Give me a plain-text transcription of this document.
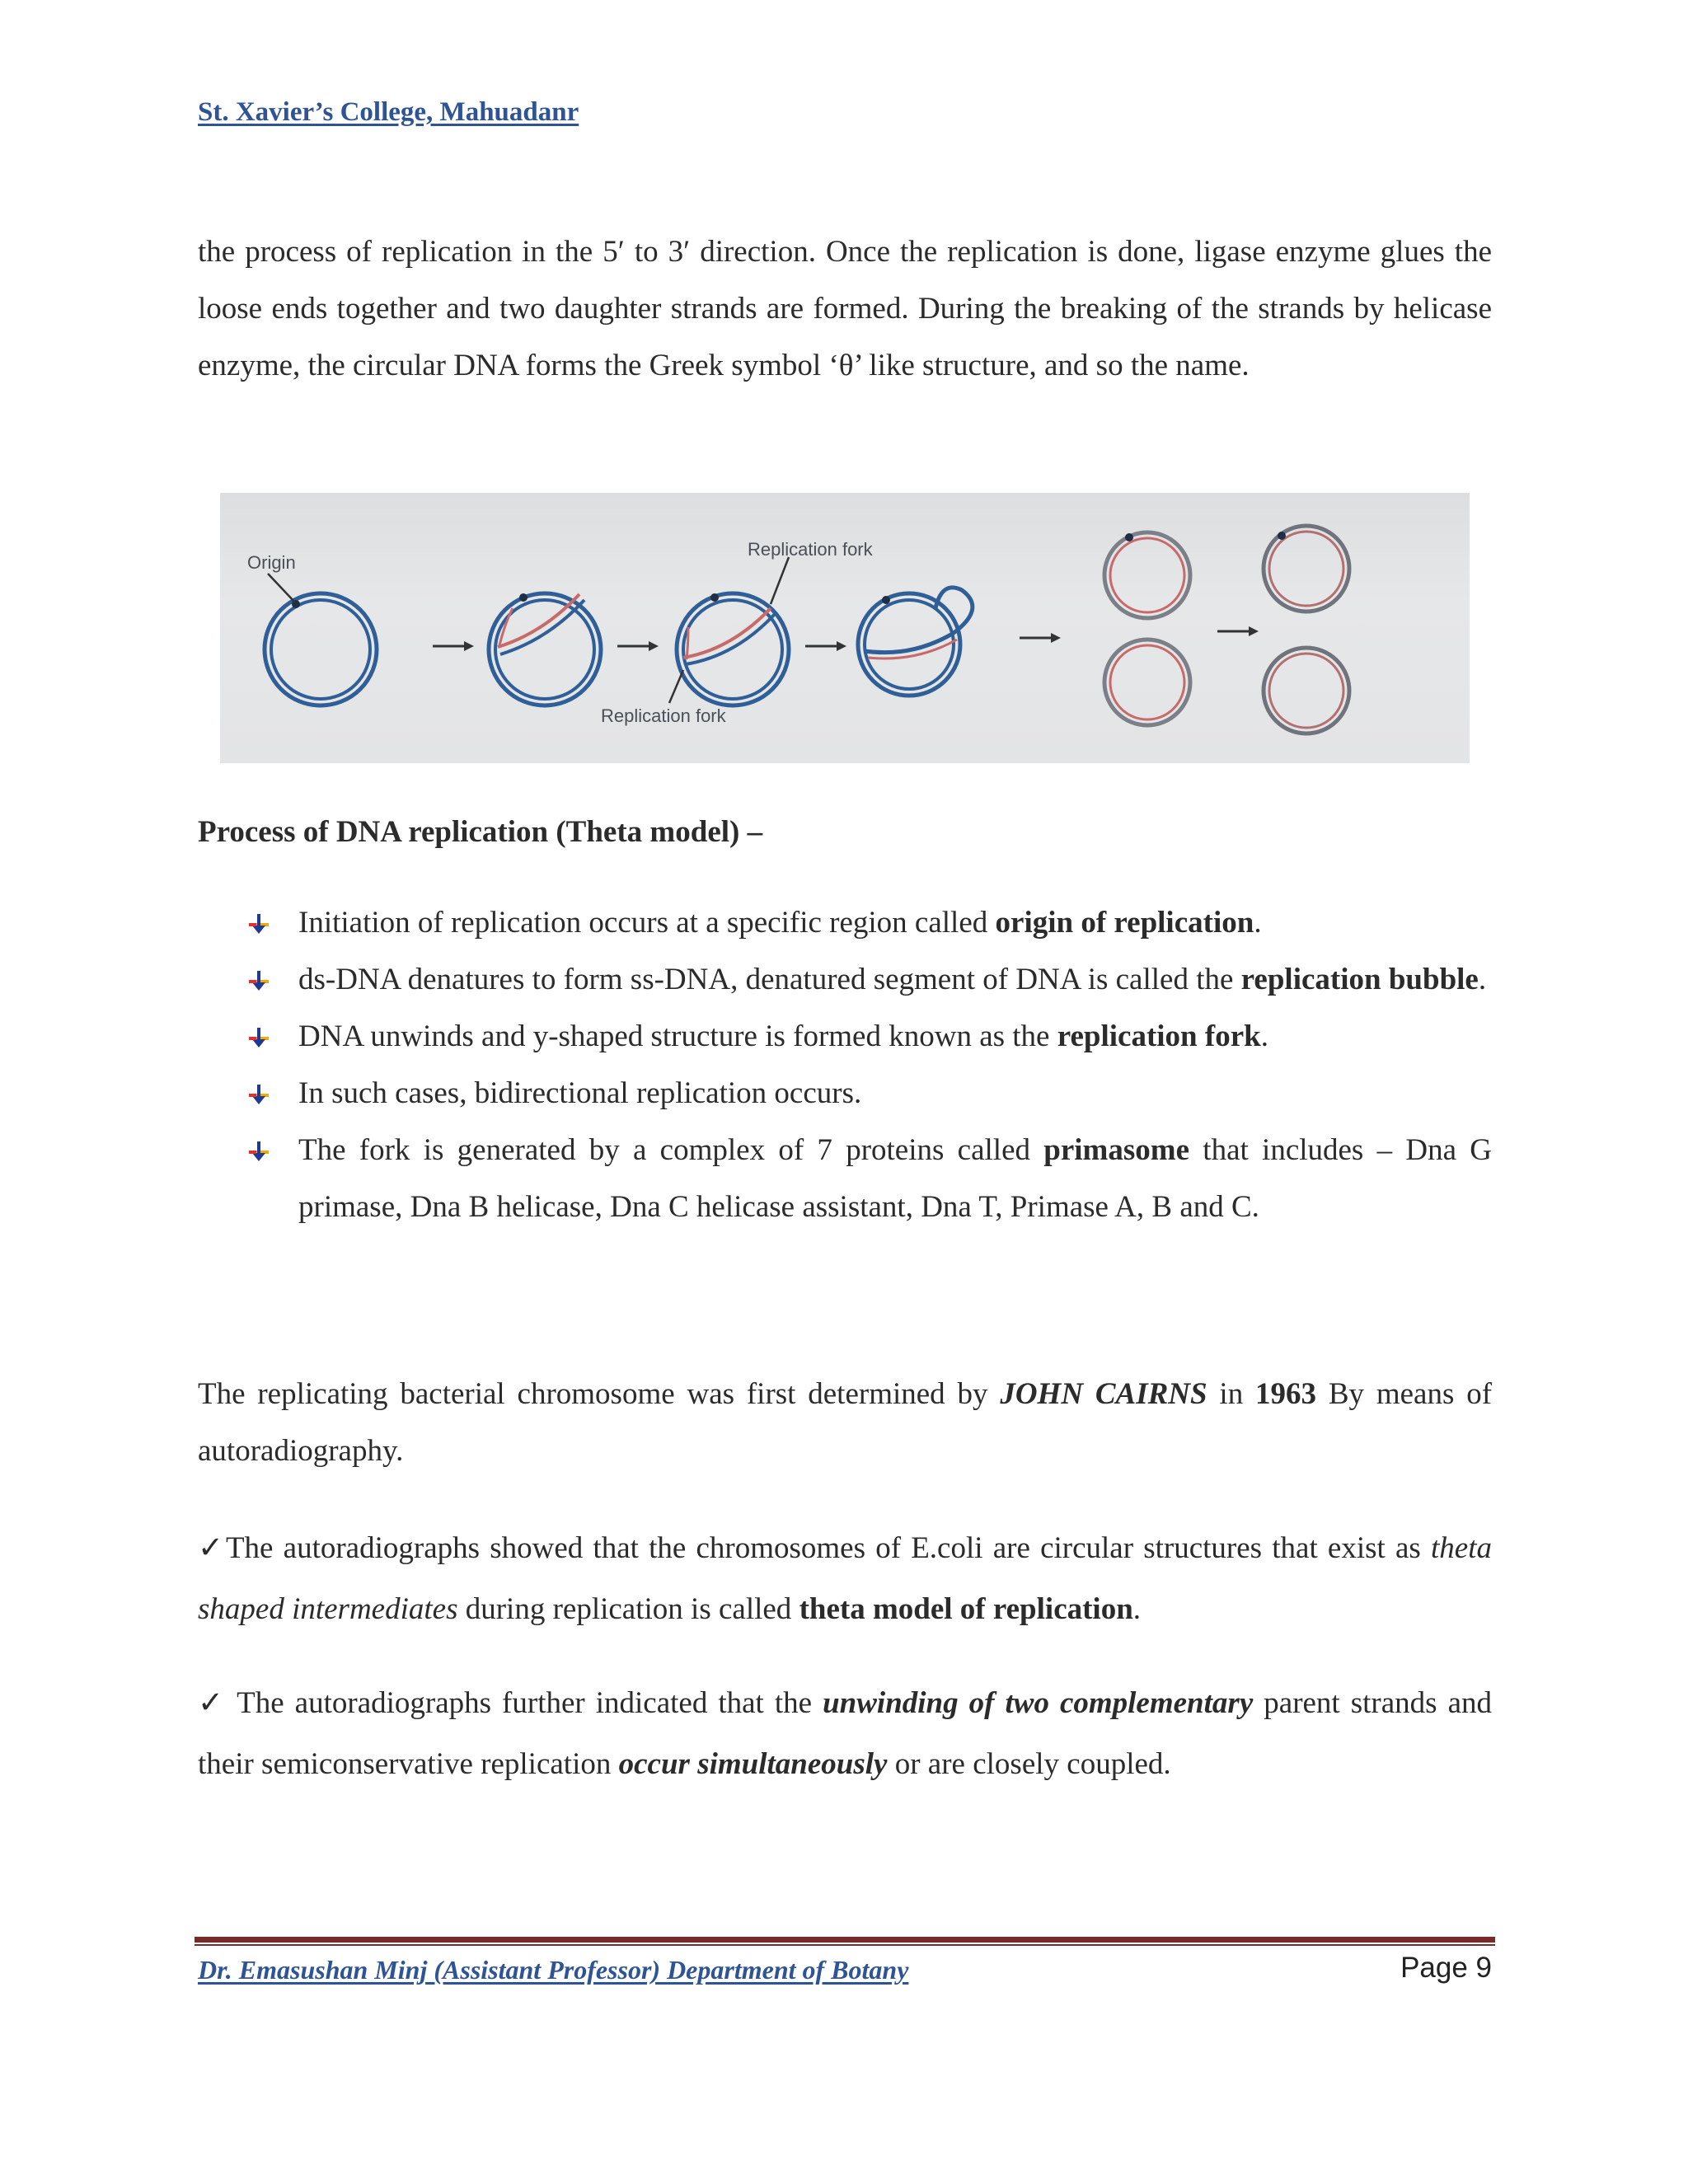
St. Xavier’s College, Mahuadanr

the process of replication in the 5′ to 3′ direction. Once the replication is done, ligase enzyme glues the loose ends together and two daughter strands are formed. During the breaking of the strands by helicase enzyme, the circular DNA forms the Greek symbol ‘θ’ like structure, and so the name.

Origin
Replication fork
Replication fork
Process of DNA replication (Theta model) –
Initiation of replication occurs at a specific region called origin of replication.
ds-DNA denatures to form ss-DNA, denatured segment of DNA is called the replication bubble.
DNA unwinds and y-shaped structure is formed known as the replication fork.
In such cases, bidirectional replication occurs.
The fork is generated by a complex of 7 proteins called primasome that includes – Dna G primase, Dna B helicase, Dna C helicase assistant, Dna T, Primase A, B and C.

The replicating bacterial chromosome was first determined by JOHN CAIRNS in 1963 By means of autoradiography.

✓The autoradiographs showed that the chromosomes of E.coli are circular structures that exist as theta shaped intermediates during replication is called theta model of replication.

✓ The autoradiographs further indicated that the unwinding of two complementary parent strands and their semiconservative replication occur simultaneously or are closely coupled.

Dr. Emasushan Minj (Assistant Professor) Department of Botany	Page 9
